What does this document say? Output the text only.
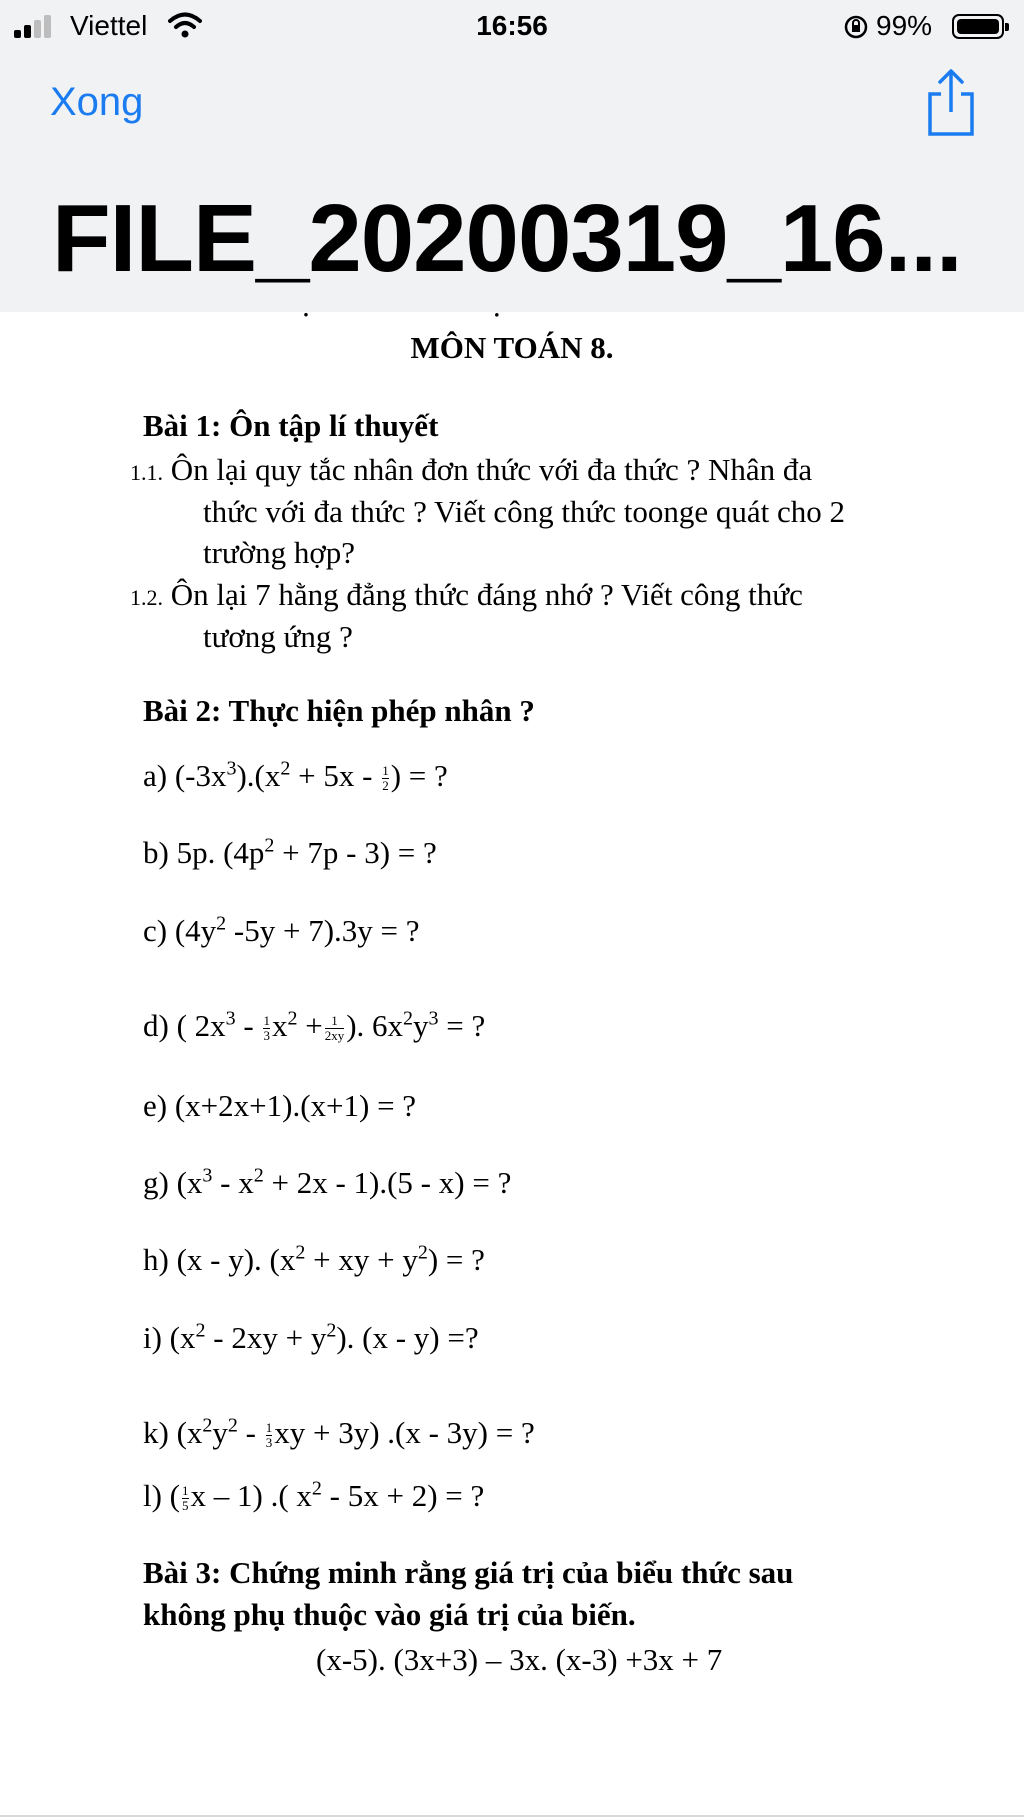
MÔN TOÁN 8.
Bài 1: Ôn tập lí thuyết
1.1. Ôn lại quy tắc nhân đơn thức với đa thức ? Nhân đa
thức với đa thức ? Viết công thức toonge quát cho 2
trường hợp?
1.2. Ôn lại 7 hằng đẳng thức đáng nhớ ? Viết công thức
tương ứng ?
Bài 2: Thực hiện phép nhân ?
a) $(-3x^3).(x^2 + 5x - \frac{1}{2}$ ) = ?
b) 5p. $(4p^2 + 7p - 3)$ = ?
c) ($4y^2$ -5y + 7).3y = ?
d) ( $2x^3 - \frac{1}{3} x^2 + \frac{1}{2xy}$ ). $6x^2y^3$ = ?
e) (x+2x+1).(x+1) = ?
g) $(x^3 - x^2 + 2x - 1).(5 - x)$ = ?
h) (x - y). ($x^2$ + xy + $y^2$) = ?
i) $(x^2 - 2xy + y^2)$. (x - y) =?
k) ($x^2y^2 - \frac{1}{3}$ xy + 3y) .(x - 3y) = ?
l) ( $\frac{1}{5}$ x – 1) .( $x^2 - 5x + 2$) = ?
Bài 3: Chứng minh rằng giá trị của biểu thức sau
không phụ thuộc vào giá trị của biến.
(x-5). (3x+3) – 3x. (x-3) +3x + 7
Viettel	16:56	99%
Xong
FILE_20200319_16...
